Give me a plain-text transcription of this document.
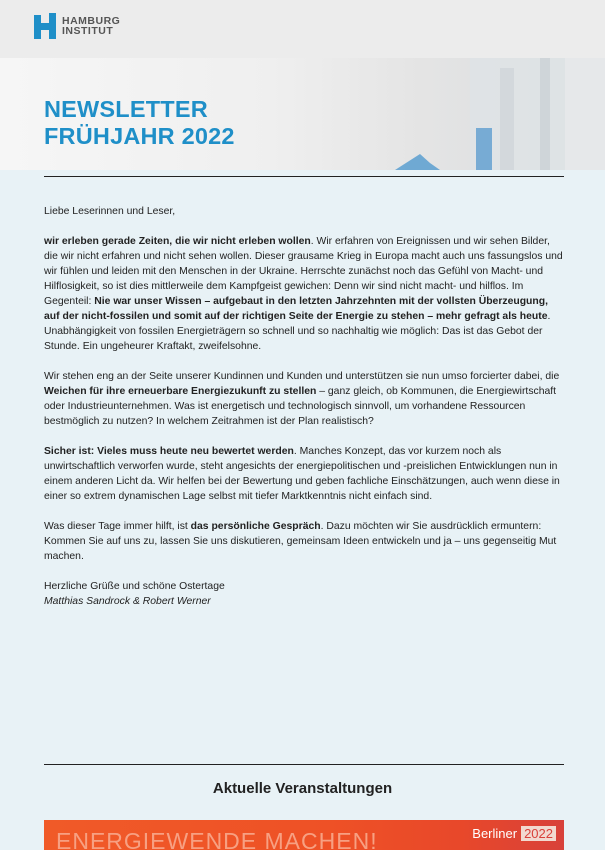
HAMBURG
INSTITUT
NEWSLETTER
FRÜHJAHR 2022

Liebe Leserinnen und Leser,

wir erleben gerade Zeiten, die wir nicht erleben wollen. Wir erfahren von Ereignissen und wir sehen Bilder, die wir nicht erfahren und nicht sehen wollen. Dieser grausame Krieg in Europa macht auch uns fassungslos und wir fühlen und leiden mit den Menschen in der Ukraine. Herrschte zunächst noch das Gefühl von Macht- und Hilflosigkeit, so ist dies mittlerweile dem Kampfgeist gewichen: Denn wir sind nicht macht- und hilflos. Im Gegenteil: Nie war unser Wissen – aufgebaut in den letzten Jahrzehnten mit der vollsten Überzeugung, auf der nicht-fossilen und somit auf der richtigen Seite der Energie zu stehen – mehr gefragt als heute. Unabhängigkeit von fossilen Energieträgern so schnell und so nachhaltig wie möglich: Das ist das Gebot der Stunde. Ein ungeheurer Kraftakt, zweifelsohne.

Wir stehen eng an der Seite unserer Kundinnen und Kunden und unterstützen sie nun umso forcierter dabei, die Weichen für ihre erneuerbare Energiezukunft zu stellen – ganz gleich, ob Kommunen, die Energiewirtschaft oder Industrieunternehmen. Was ist energetisch und technologisch sinnvoll, um vorhandene Ressourcen bestmöglich zu nutzen? In welchem Zeitrahmen ist der Plan realistisch?

Sicher ist: Vieles muss heute neu bewertet werden. Manches Konzept, das vor kurzem noch als unwirtschaftlich verworfen wurde, steht angesichts der energiepolitischen und -preislichen Entwicklungen nun in einem anderen Licht da. Wir helfen bei der Bewertung und geben fachliche Einschätzungen, auch wenn diese in einer so extrem dynamischen Lage selbst mit tiefer Marktkenntnis nicht einfach sind.

Was dieser Tage immer hilft, ist das persönliche Gespräch. Dazu möchten wir Sie ausdrücklich ermuntern: Kommen Sie auf uns zu, lassen Sie uns diskutieren, gemeinsam Ideen entwickeln und ja – uns gegenseitig Mut machen.

Herzliche Grüße und schöne Ostertage
Matthias Sandrock & Robert Werner

Aktuelle Veranstaltungen
ENERGIEWENDE MACHEN!	Berliner 2022
